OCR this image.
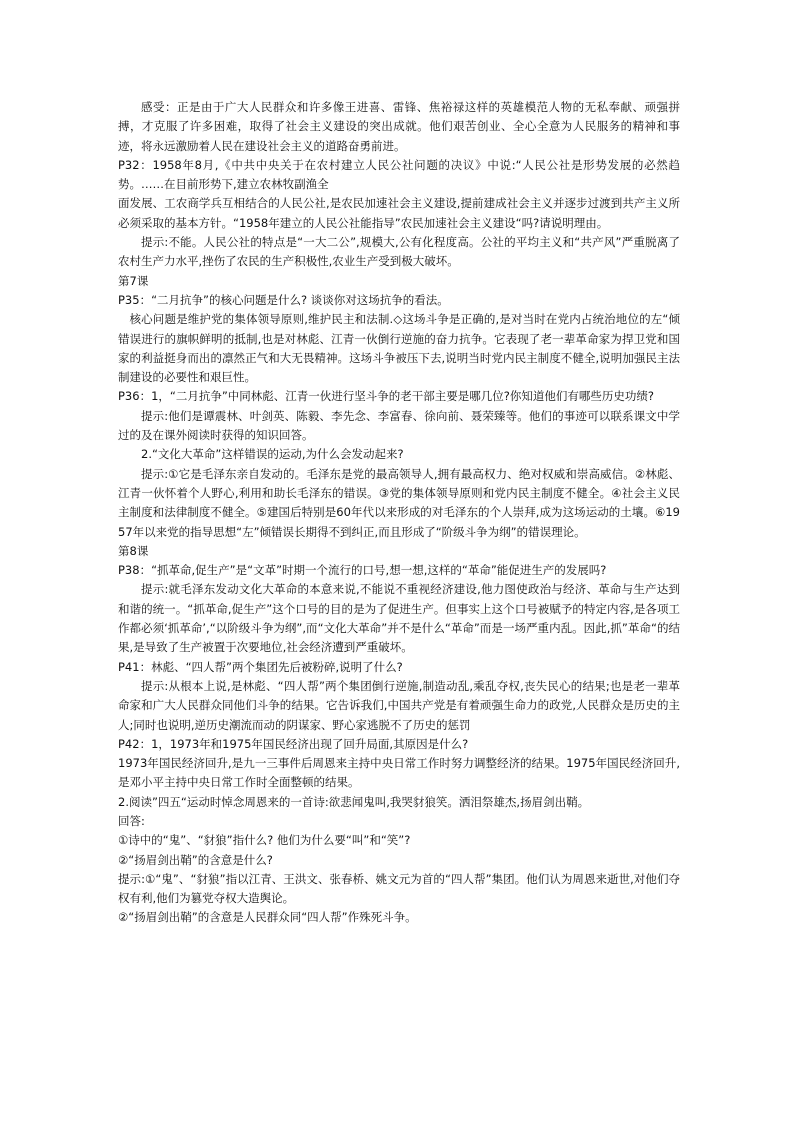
感受：正是由于广大人民群众和许多像王进喜、雷锋、焦裕禄这样的英雄模范人物的无私奉献、顽强拼搏，才克服了许多困难，取得了社会主义建设的突出成就。他们艰苦创业、全心全意为人民服务的精神和事迹，将永远激励着人民在建设社会主义的道路奋勇前进。

P32：1958年8月,《中共中央关于在农村建立人民公社问题的决议》中说:“人民公社是形势发展的必然趋势。……在目前形势下,建立农林牧副渔全

面发展、工农商学兵互相结合的人民公社,是农民加速社会主义建设,提前建成社会主义并逐步过渡到共产主义所必须采取的基本方针。“1958年建立的人民公社能指导”农民加速社会主义建设“吗?请说明理由。

提示:不能。人民公社的特点是“一大二公”,规模大,公有化程度高。公社的平均主义和“共产风”严重脱离了农村生产力水平,挫伤了农民的生产积极性,农业生产受到极大破坏。

第7课

P35：“二月抗争”的核心问题是什么? 谈谈你对这场抗争的看法。

核心问题是维护党的集体领导原则,维护民主和法制.◇这场斗争是正确的,是对当时在党内占统治地位的左“倾错误进行的旗帜鲜明的抵制,也是对林彪、江青一伙倒行逆施的奋力抗争。它表现了老一辈革命家为捍卫党和国家的利益挺身而出的凛然正气和大无畏精神。这场斗争被压下去,说明当时党内民主制度不健全,说明加强民主法制建设的必要性和艰巨性。

P36：1，“二月抗争”中同林彪、江青一伙进行坚斗争的老干部主要是哪几位?你知道他们有哪些历史功绩?

提示:他们是谭震林、叶剑英、陈毅、李先念、李富春、徐向前、聂荣臻等。他们的事迹可以联系课文中学过的及在课外阅读时获得的知识回答。

2.“文化大革命”这样错误的运动,为什么会发动起来?

提示:①它是毛泽东亲自发动的。毛泽东是党的最高领导人,拥有最高权力、绝对权威和崇高威信。②林彪、江青一伙怀着个人野心,利用和助长毛泽东的错误。③党的集体领导原则和党内民主制度不健全。④社会主义民主制度和法律制度不健全。⑤建国后特别是60年代以来形成的对毛泽东的个人崇拜,成为这场运动的土壤。⑥1957年以来党的指导思想“左”倾错误长期得不到纠正,而且形成了“阶级斗争为纲”的错误理论。

第8课

P38：“抓革命,促生产”是“文革”时期一个流行的口号,想一想,这样的“革命”能促进生产的发展吗?

提示:就毛泽东发动文化大革命的本意来说,不能说不重视经济建设,他力图使政治与经济、革命与生产达到和谐的统一。“抓革命,促生产”这个口号的目的是为了促进生产。但事实上这个口号被赋予的特定内容,是各项工作都必须‘抓革命’,“以阶级斗争为纲”,而“文化大革命”并不是什么“革命”而是一场严重内乱。因此,抓”革命“的结果,是导致了生产被置于次要地位,社会经济遭到严重破坏。

P41：林彪、“四人帮”两个集团先后被粉碎,说明了什么?

提示:从根本上说,是林彪、“四人帮”两个集团倒行逆施,制造动乱,乘乱夺权,丧失民心的结果;也是老一辈革命家和广大人民群众同他们斗争的结果。它告诉我们,中国共产党是有着顽强生命力的政党,人民群众是历史的主人;同时也说明,逆历史潮流而动的阴谋家、野心家逃脱不了历史的惩罚

P42：1，1973年和1975年国民经济出现了回升局面,其原因是什么?

1973年国民经济回升,是九一三事件后周恩来主持中央日常工作时努力调整经济的结果。1975年国民经济回升,是邓小平主持中央日常工作时全面整顿的结果。

2.阅读”四五“运动时悼念周恩来的一首诗:欲悲闻鬼叫,我哭豺狼笑。洒泪祭雄杰,扬眉剑出鞘。

回答:

①诗中的“鬼”、“豺狼”指什么? 他们为什么要“叫”和“笑”?

②“扬眉剑出鞘”的含意是什么?

提示:①“鬼”、“豺狼”指以江青、王洪文、张春桥、姚文元为首的“四人帮”集团。他们认为周恩来逝世,对他们夺权有利,他们为篡党夺权大造舆论。

②“扬眉剑出鞘”的含意是人民群众同“四人帮”作殊死斗争。
